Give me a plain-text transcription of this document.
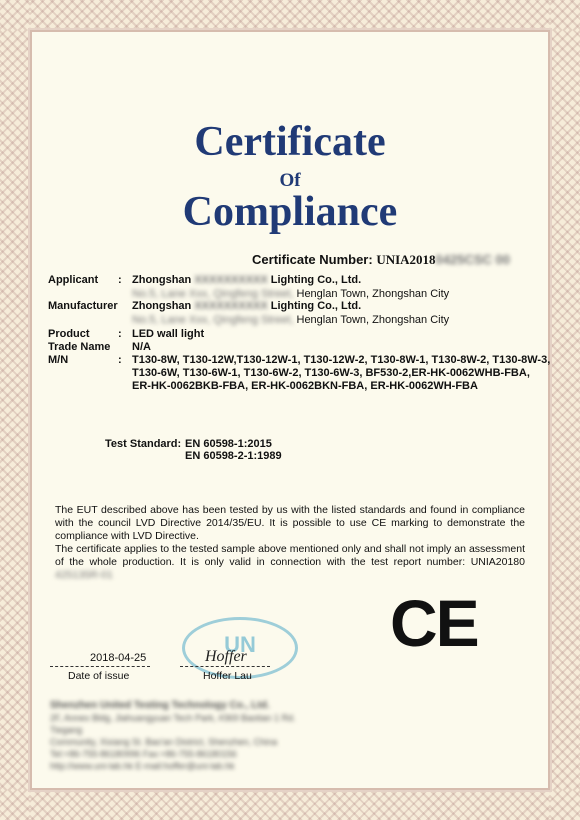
Certificate
Of
Compliance
Certificate Number: UNIA20180425CSC 00
Applicant	: Zhongshan XXXXXXXXXX Lighting Co., Ltd.
No.5, Lane Xxx, Qingfeng Street, Henglan Town, Zhongshan City
Manufacturer Zhongshan XXXXXXXXXX Lighting Co., Ltd.
No.5, Lane Xxx, Qingfeng Street, Henglan Town, Zhongshan City
Product	: LED wall light
Trade Name	N/A
M/N	: T130-8W, T130-12W,T130-12W-1, T130-12W-2, T130-8W-1, T130-8W-2, T130-8W-3,
T130-6W, T130-6W-1, T130-6W-2, T130-6W-3, BF530-2,ER-HK-0062WHB-FBA,
ER-HK-0062BKB-FBA, ER-HK-0062BKN-FBA, ER-HK-0062WH-FBA
Test Standard: EN 60598-1:2015
EN 60598-2-1:1989
The EUT described above has been tested by us with the listed standards and found in compliance with the council LVD Directive 2014/35/EU. It is possible to use CE marking to demonstrate the compliance with LVD Directive.
The certificate applies to the tested sample above mentioned only and shall not imply an assessment of the whole production. It is only valid in connection with the test report number: UNIA20180425135R-01
CE
UN
2018-04-25
Date of issue
Hoffer
Hoffer Lau
Shenzhen United Testing Technology Co., Ltd.
2F, Annex Bldg, Jiahuangyuan Tech Park, #369 Baotian 1 Rd. Tiegang
Community, Xixiang St. Bao'an District, Shenzhen, China
Tel:+86-755-86180996 Fax:+86-755-86180156
http://www.uni-lab.hk E-mail:hoffer@uni-lab.hk
